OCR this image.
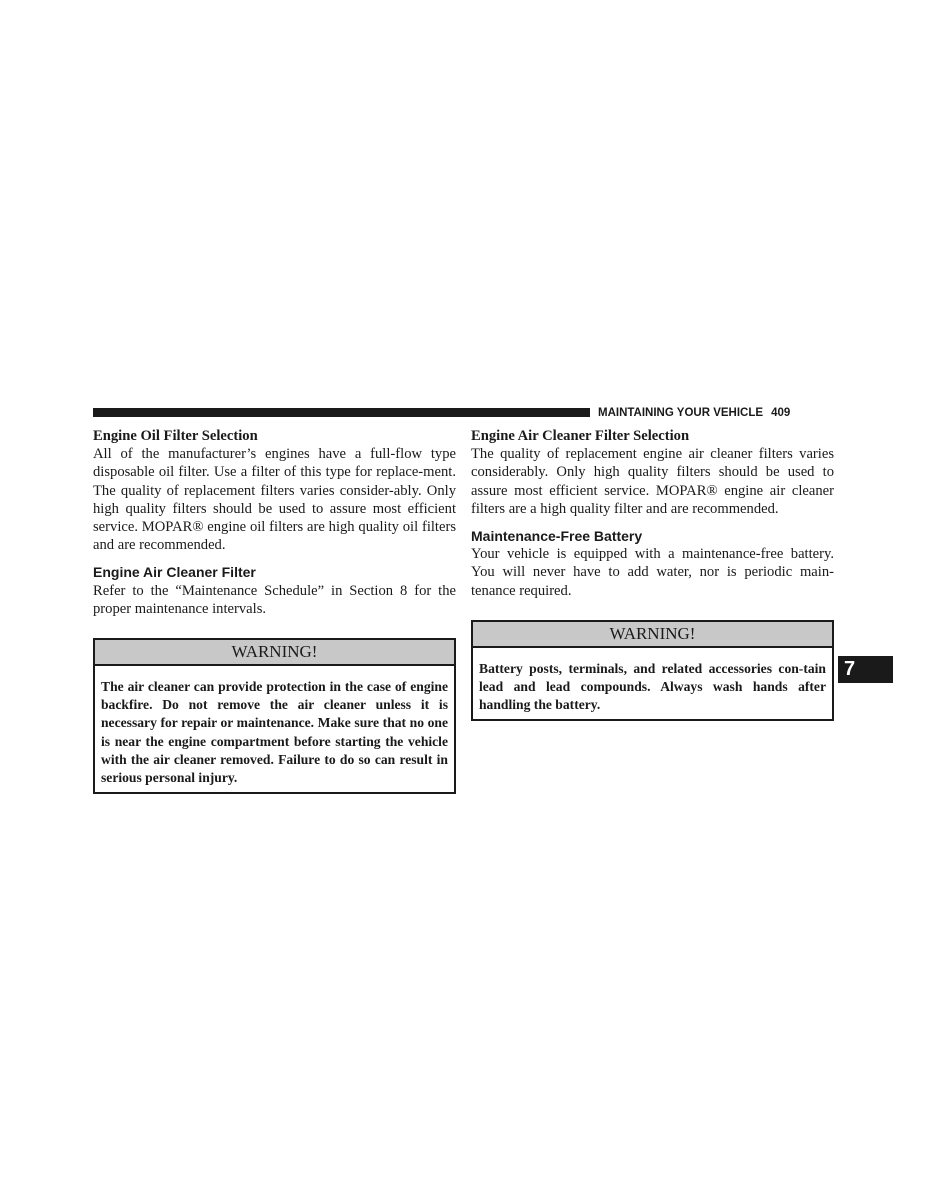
MAINTAINING YOUR VEHICLE 409

Engine Oil Filter Selection

All of the manufacturer’s engines have a full-flow type disposable oil filter. Use a filter of this type for replace-ment. The quality of replacement filters varies consider-ably. Only high quality filters should be used to assure most efficient service. MOPAR® engine oil filters are high quality oil filters and are recommended.

Engine Air Cleaner Filter

Refer to the “Maintenance Schedule” in Section 8 for the proper maintenance intervals.

WARNING!
The air cleaner can provide protection in the case of engine backfire. Do not remove the air cleaner unless it is necessary for repair or maintenance. Make sure that no one is near the engine compartment before starting the vehicle with the air cleaner removed. Failure to do so can result in serious personal injury.

Engine Air Cleaner Filter Selection

The quality of replacement engine air cleaner filters varies considerably. Only high quality filters should be used to assure most efficient service. MOPAR® engine air cleaner filters are a high quality filter and are recommended.

Maintenance-Free Battery

Your vehicle is equipped with a maintenance-free battery. You will never have to add water, nor is periodic main-tenance required.

WARNING!
Battery posts, terminals, and related accessories con-tain lead and lead compounds. Always wash hands after handling the battery.
7
